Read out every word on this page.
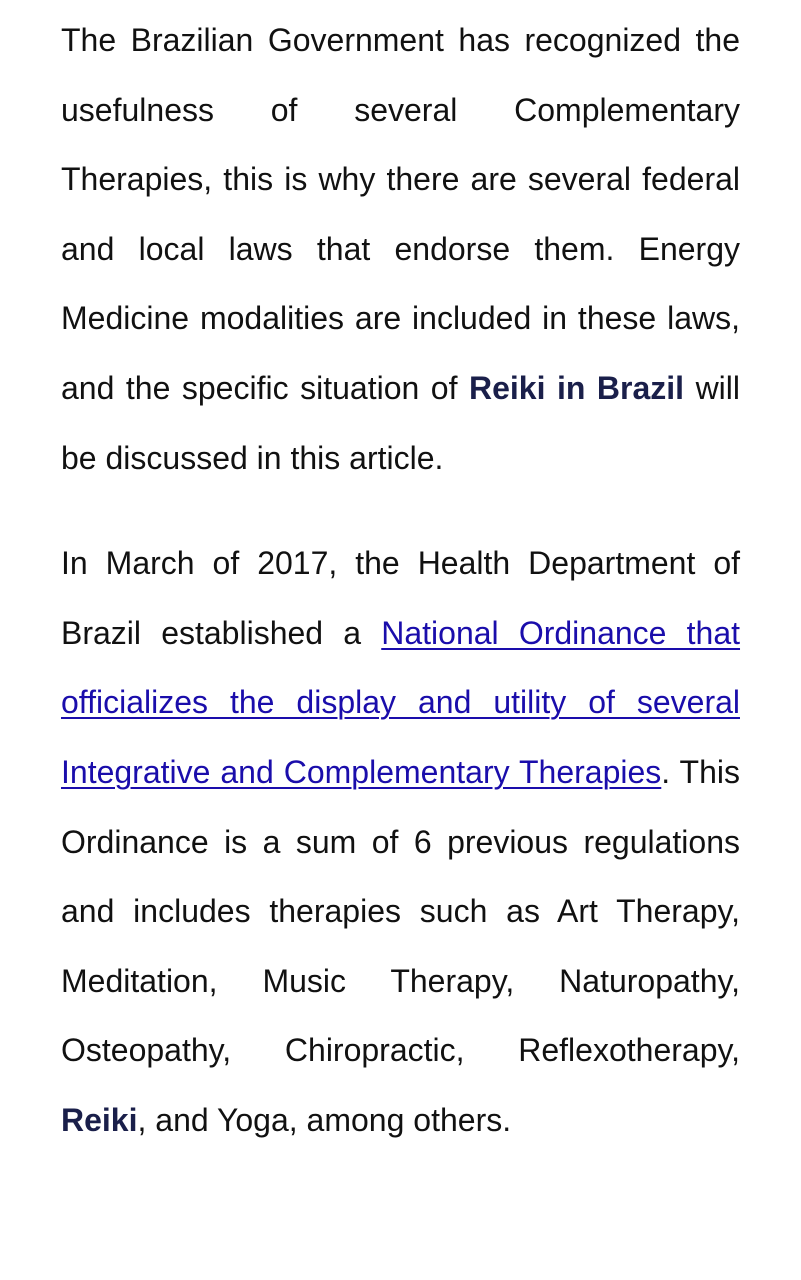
The Brazilian Government has recognized the usefulness of several Complementary Therapies, this is why there are several federal and local laws that endorse them. Energy Medicine modalities are included in these laws, and the specific situation of Reiki in Brazil will be discussed in this article.

In March of 2017, the Health Department of Brazil established a National Ordinance that officializes the display and utility of several Integrative and Complementary Therapies. This Ordinance is a sum of 6 previous regulations and includes therapies such as Art Therapy, Meditation, Music Therapy, Naturopathy, Osteopathy, Chiropractic, Reflexotherapy, Reiki, and Yoga, among others.
